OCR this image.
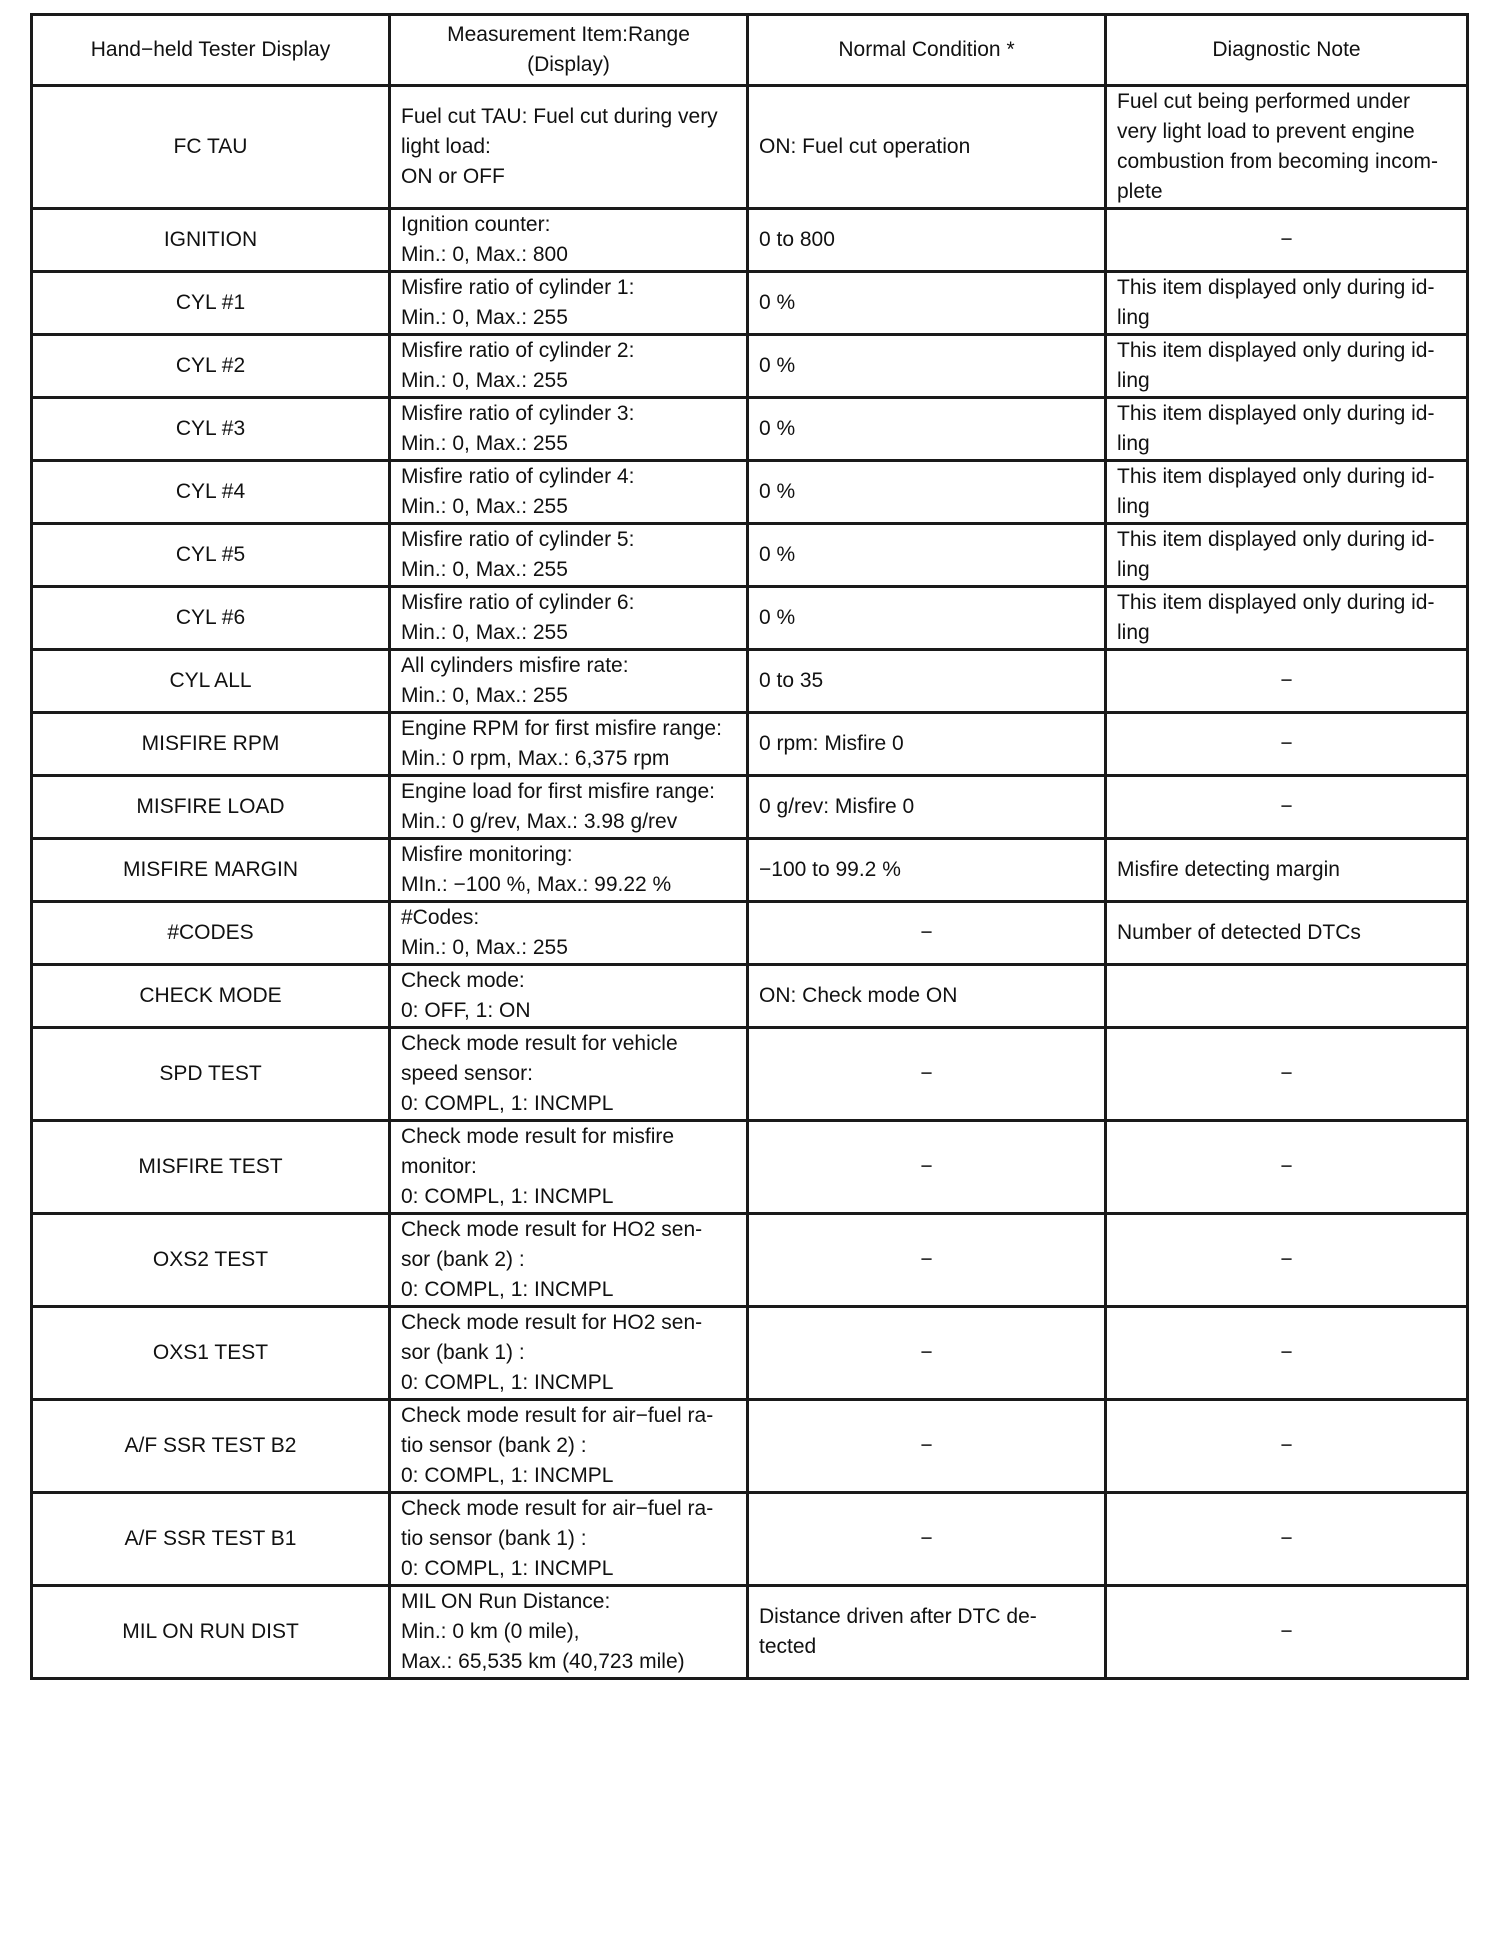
Hand−held Tester Display	Measurement Item:Range
(Display)	Normal Condition *	Diagnostic Note
FC TAU	Fuel cut TAU: Fuel cut during very
light load:
ON or OFF	ON: Fuel cut operation	Fuel cut being performed under
very light load to prevent engine
combustion from becoming incom-
plete

IGNITION	Ignition counter:
Min.: 0, Max.: 800	0 to 800	−

CYL #1	Misfire ratio of cylinder 1:
Min.: 0, Max.: 255	0 %	This item displayed only during id-
ling

CYL #2	Misfire ratio of cylinder 2:
Min.: 0, Max.: 255	0 %	This item displayed only during id-
ling

CYL #3	Misfire ratio of cylinder 3:
Min.: 0, Max.: 255	0 %	This item displayed only during id-
ling

CYL #4	Misfire ratio of cylinder 4:
Min.: 0, Max.: 255	0 %	This item displayed only during id-
ling

CYL #5	Misfire ratio of cylinder 5:
Min.: 0, Max.: 255	0 %	This item displayed only during id-
ling

CYL #6	Misfire ratio of cylinder 6:
Min.: 0, Max.: 255	0 %	This item displayed only during id-
ling

CYL ALL	All cylinders misfire rate:
Min.: 0, Max.: 255	0 to 35	−

MISFIRE RPM	Engine RPM for first misfire range:
Min.: 0 rpm, Max.: 6,375 rpm	0 rpm: Misfire 0	−

MISFIRE LOAD	Engine load for first misfire range:
Min.: 0 g/rev, Max.: 3.98 g/rev	0 g/rev: Misfire 0	−

MISFIRE MARGIN	Misfire monitoring:
MIn.: −100 %, Max.: 99.22 %	−100 to 99.2 %	Misfire detecting margin

#CODES	#Codes:
Min.: 0, Max.: 255	−	Number of detected DTCs

CHECK MODE	Check mode:
0: OFF, 1: ON	ON: Check mode ON	

SPD TEST	Check mode result for vehicle
speed sensor:
0: COMPL, 1: INCMPL	−	−

MISFIRE TEST	Check mode result for misfire
monitor:
0: COMPL, 1: INCMPL	−	−

OXS2 TEST	Check mode result for HO2 sen-
sor (bank 2) :
0: COMPL, 1: INCMPL	−	−

OXS1 TEST	Check mode result for HO2 sen-
sor (bank 1) :
0: COMPL, 1: INCMPL	−	−

A/F SSR TEST B2	Check mode result for air−fuel ra-
tio sensor (bank 2) :
0: COMPL, 1: INCMPL	−	−

A/F SSR TEST B1	Check mode result for air−fuel ra-
tio sensor (bank 1) :
0: COMPL, 1: INCMPL	−	−

MIL ON RUN DIST	MIL ON Run Distance:
Min.: 0 km (0 mile),
Max.: 65,535 km (40,723 mile)	Distance driven after DTC de-
tected	−
